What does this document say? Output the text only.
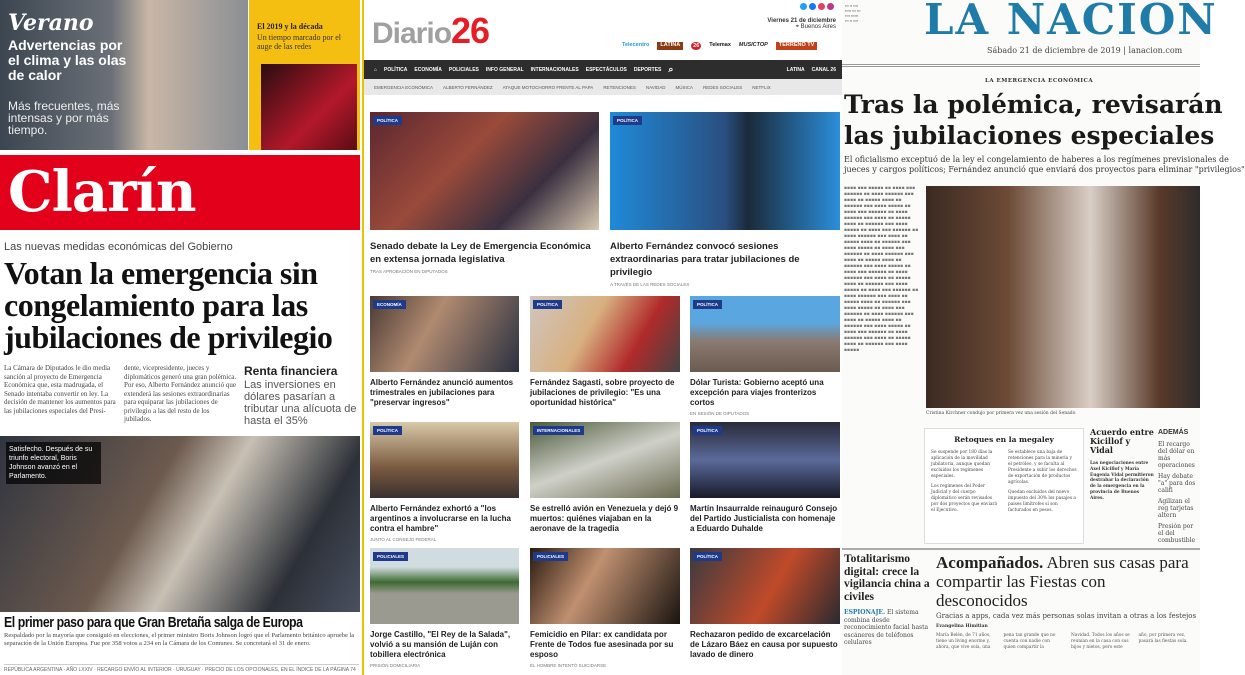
Verano
Advertencias por el clima y las olas de calor
Más frecuentes, más intensas y por más tiempo.
El 2019 y la década
Un tiempo marcado por el auge de las redes
Clarín
Las nuevas medidas económicas del Gobierno
Votan la emergencia sin congelamiento para las jubilaciones de privilegio
La Cámara de Diputados le dio media sanción al proyecto de Emergencia Económica que, esta madrugada, el Senado intentaba convertir en ley. La decisión de mantener los aumentos para las jubilaciones especiales del Presi-
dente, vicepresidente, jueces y diplomáticos generó una gran polémica. Por eso, Alberto Fernández anunció que extenderá las sesiones extraordinarias para equiparar las jubilaciones de privilegio a las del resto de los jubilados.
Renta financiera

Las inversiones en dólares pasarían a tributar una alícuota de hasta el 35%

Satisfecho. Después de su triunfo electoral, Boris Johnson avanzó en el Parlamento.
El primer paso para que Gran Bretaña salga de Europa
Respaldado por la mayoría que consiguió en elecciones, el primer ministro Boris Johnson logró que el Parlamento británico apruebe la separación de la Unión Europea. Fue por 358 votos a 234 en la Cámara de los Comunes. Se concretará el 31 de enero.
REPÚBLICA ARGENTINA · AÑO LXXIV · RECARGO ENVÍO AL INTERIOR · URUGUAY · PRECIO DE LOS OPCIONALES, EN EL ÍNDICE DE LA PÁGINA 74
Diario26	Viernes 21 de diciembre
⌖ Buenos Aires
Telecentro	LATINA	26	Telemax MUSICTOP	TERRENO TV
⌂ POLÍTICA ECONOMÍA POLICIALES INFO GENERAL INTERNACIONALES ESPECTÁCULOS DEPORTES ⌕	LATINA CANAL 26
EMERGENCIA ECONÓMICA ALBERTO FERNÁNDEZ ATAQUE MOTOCHORRO FRENTE AL PAPA RETENCIONES NAVIDAD MÚSICA REDES SOCIALES NETFLIX
POLÍTICA
Senado debate la Ley de Emergencia Económica en extensa jornada legislativa
TRAS APROBACIÓN EN DIPUTADOS
POLÍTICA
Alberto Fernández convocó sesiones extraordinarias para tratar jubilaciones de privilegio
A TRAVÉS DE LAS REDES SOCIALES
ECONOMÍA
Alberto Fernández anunció aumentos trimestrales en jubilaciones para "preservar ingresos"
POLÍTICA
Fernández Sagasti, sobre proyecto de jubilaciones de privilegio: "Es una oportunidad histórica"
POLÍTICA
Dólar Turista: Gobierno aceptó una excepción para viajes fronterizos cortos
EN SESIÓN DE DIPUTADOS
POLÍTICA
Alberto Fernández exhortó a "los argentinos a involucrarse en la lucha contra el hambre"
JUNTO AL CONSEJO FEDERAL
INTERNACIONALES
Se estrelló avión en Venezuela y dejó 9 muertos: quiénes viajaban en la aeronave de la tragedia
POLÍTICA
Martín Insaurralde reinauguró Consejo del Partido Justicialista con homenaje a Eduardo Duhalde
POLICIALES
Jorge Castillo, "El Rey de la Salada", volvió a su mansión de Luján con tobillera electrónica
PRISIÓN DOMICILIARIA
POLICIALES
Femicidio en Pilar: ex candidata por Frente de Todos fue asesinada por su esposo
EL HOMBRE INTENTÓ SUICIDARSE
POLÍTICA
Rechazaron pedido de excarcelación de Lázaro Báez en causa por supuesto lavado de dinero
▪▪▪ ▪▪ ▪▪▪▪
▪▪▪▪▪ ▪▪▪ ▪▪▪
▪▪▪▪ ▪▪▪▪▪▪
▪▪▪ ▪▪ ▪▪▪▪	LA NACION
Sábado 21 de diciembre de 2019 | lanacion.com
LA EMERGENCIA ECONÓMICA
Tras la polémica, revisarán
las jubilaciones especiales
El oficialismo exceptuó de la ley el congelamiento de haberes a los regímenes previsionales de
jueces y cargos políticos; Fernández anunció que enviará dos proyectos para eliminar "privilegios"
▪▪▪▪ ▪▪▪ ▪▪▪▪▪ ▪▪ ▪▪▪▪ ▪▪▪ ▪▪▪▪▪▪ ▪▪ ▪▪▪▪ ▪▪▪▪▪▪ ▪▪▪ ▪▪▪▪ ▪▪ ▪▪▪▪▪ ▪▪▪▪ ▪▪ ▪▪▪▪▪▪ ▪▪▪ ▪▪▪▪ ▪▪▪▪▪ ▪▪ ▪▪▪▪ ▪▪▪ ▪▪▪▪▪▪ ▪▪ ▪▪▪▪ ▪▪▪▪▪▪ ▪▪▪ ▪▪▪▪ ▪▪ ▪▪▪▪▪ ▪▪▪▪ ▪▪ ▪▪▪▪▪▪ ▪▪▪ ▪▪▪▪ ▪▪▪▪▪ ▪▪ ▪▪▪▪ ▪▪▪ ▪▪▪▪▪▪ ▪▪ ▪▪▪▪ ▪▪▪▪▪▪ ▪▪▪ ▪▪▪▪ ▪▪ ▪▪▪▪▪ ▪▪▪▪ ▪▪ ▪▪▪▪▪▪ ▪▪▪ ▪▪▪▪ ▪▪▪▪▪ ▪▪ ▪▪▪▪ ▪▪▪ ▪▪▪▪▪▪ ▪▪ ▪▪▪▪ ▪▪▪▪▪▪ ▪▪▪ ▪▪▪▪ ▪▪ ▪▪▪▪▪ ▪▪▪▪ ▪▪ ▪▪▪▪▪▪ ▪▪▪ ▪▪▪▪ ▪▪▪▪▪ ▪▪ ▪▪▪▪ ▪▪▪ ▪▪▪▪▪▪ ▪▪ ▪▪▪▪ ▪▪▪▪▪▪ ▪▪▪ ▪▪▪▪ ▪▪ ▪▪▪▪▪ ▪▪▪▪ ▪▪ ▪▪▪▪▪▪ ▪▪▪ ▪▪▪▪ ▪▪▪▪▪ ▪▪ ▪▪▪▪ ▪▪▪ ▪▪▪▪▪▪ ▪▪ ▪▪▪▪ ▪▪▪▪▪▪ ▪▪▪ ▪▪▪▪ ▪▪ ▪▪▪▪▪ ▪▪▪▪ ▪▪ ▪▪▪▪▪▪ ▪▪▪ ▪▪▪▪ ▪▪▪▪▪ ▪▪ ▪▪▪▪ ▪▪▪ ▪▪▪▪▪▪ ▪▪ ▪▪▪▪ ▪▪▪▪▪▪ ▪▪▪ ▪▪▪▪ ▪▪ ▪▪▪▪▪ ▪▪▪▪ ▪▪ ▪▪▪▪▪▪ ▪▪▪ ▪▪▪▪ ▪▪▪▪▪ ▪▪ ▪▪▪▪ ▪▪▪ ▪▪▪▪▪▪ ▪▪ ▪▪▪▪ ▪▪▪▪▪▪ ▪▪▪ ▪▪▪▪ ▪▪ ▪▪▪▪▪ ▪▪▪▪ ▪▪ ▪▪▪▪▪▪ ▪▪▪ ▪▪▪▪ ▪▪▪▪▪
Cristina Kirchner condujo por primera vez una sesión del Senado
Retoques en la megaley

Se suspende por 180 días la aplicación de la movilidad jubilatoria, aunque quedan excluidos los regímenes especiales.

Los regímenes del Poder Judicial y del cuerpo diplomático serán revisados por dos proyectos que enviará el Ejecutivo.

Se establece una baja de retenciones para la minería y el petróleo, y se faculta al Presidente a subir los derechos de exportación de productos agrícolas.

Quedan excluidos del nuevo impuesto del 30% los pasajes a países limítrofes si son facturados en pesos.

Acuerdo entre Kicillof y Vidal

Las negociaciones entre Axel Kicillof y María Eugenia Vidal permitieron destrabar la declaración de la emergencia en la provincia de Buenos Aires.

ADEMÁS

El recargo del dólar en más operaciones

Hay debate "a" para dos califi

Agilizan el reg tarjetas altern

Presión por el del combustible

Totalitarismo digital: crece la vigilancia china a civiles

ESPIONAJE. El sistema combina desde reconocimiento facial hasta escáneres de teléfonos celulares

Acompañados. Abren sus casas para compartir las Fiestas con desconocidos
Gracias a apps, cada vez más personas solas invitan a otras a los festejos
Evangelina Himitian
María Belén, de 71 años, tiene un living enorme y, ahora, que vive sola, una pena tan grande que no cuenta con nadie con quien compartir la Navidad. Todos los años se reunían en la casa con sus hijos y nietos, pero este año, por primera vez, pasará las fiestas sola.
